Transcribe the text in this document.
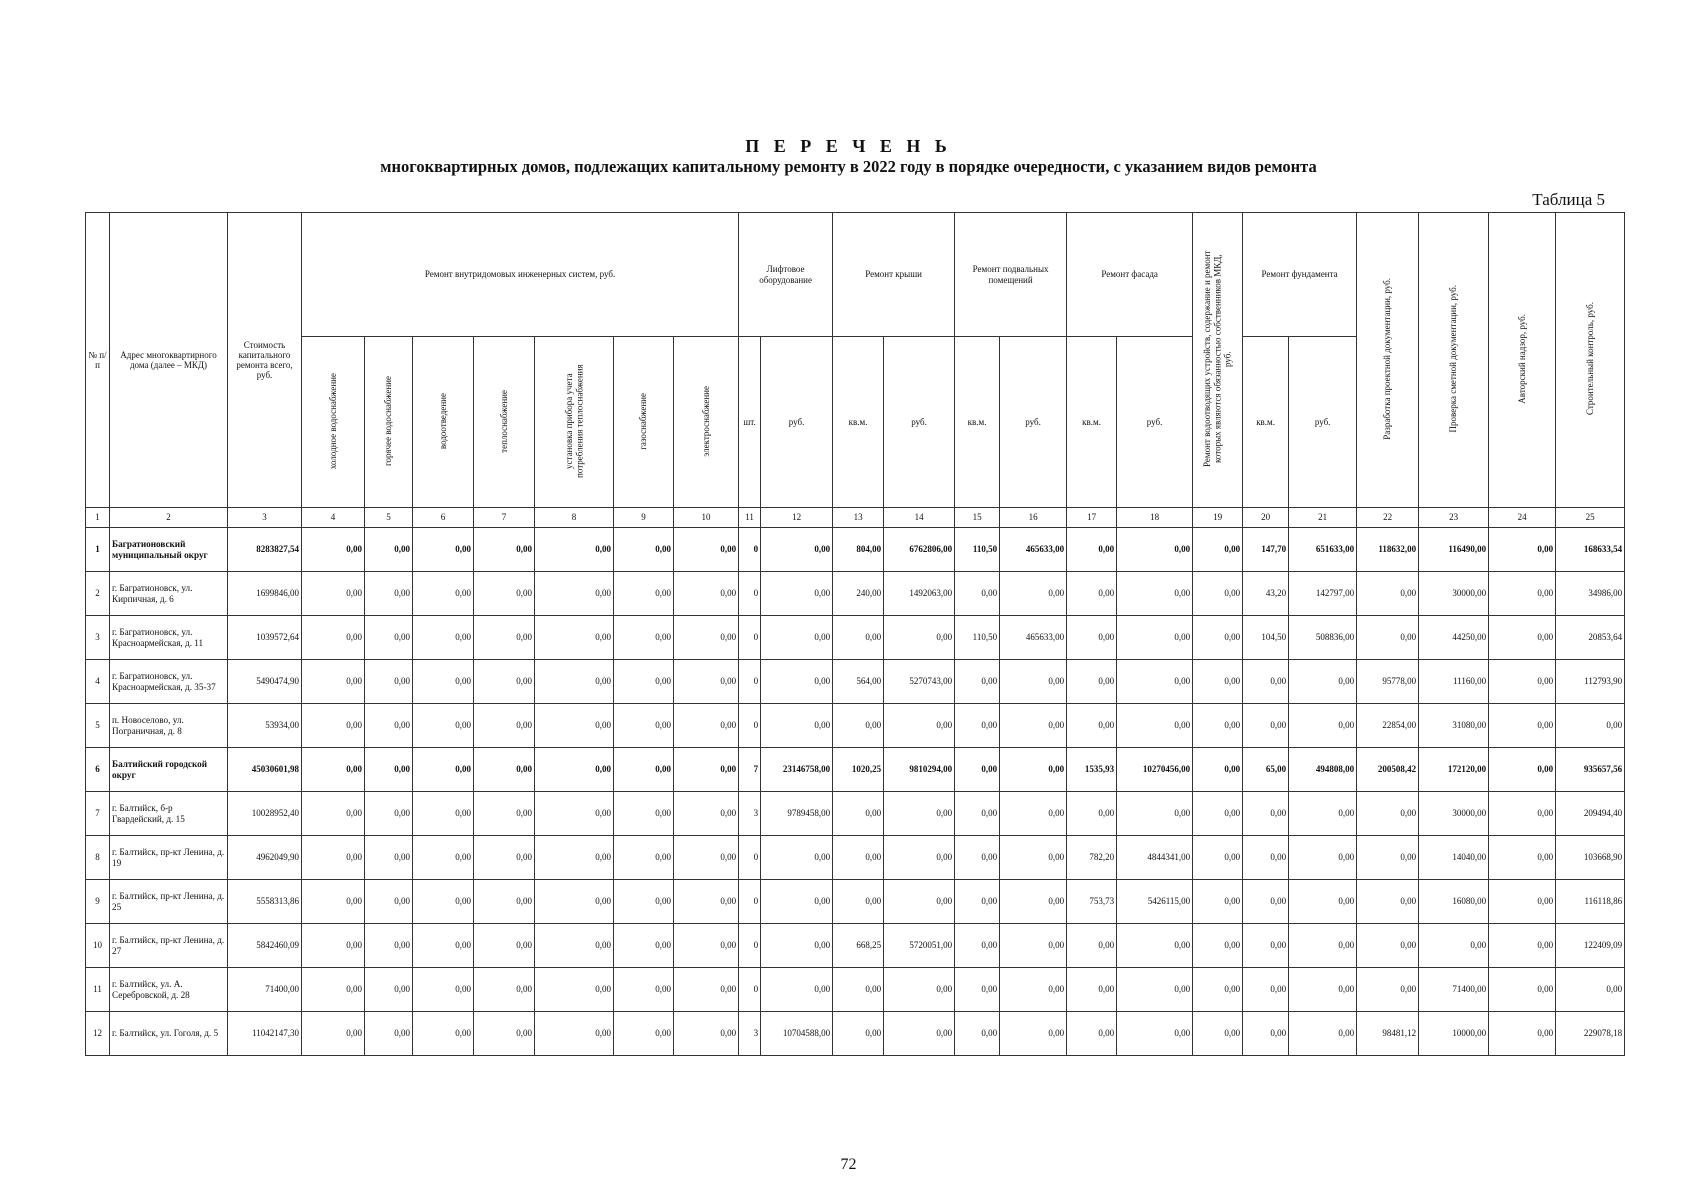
П Е Р Е Ч Е Н Ь
многоквартирных домов, подлежащих капитальному ремонту в 2022 году в порядке очередности, с указанием видов ремонта
Таблица 5
№ п/п	Адрес многоквартирного дома (далее – МКД)	Стоимость капитального ремонта всего, руб.	Ремонт внутридомовых инженерных систем, руб.							Лифтовое оборудование		Ремонт крыши		Ремонт подвальных помещений		Ремонт фасада		Ремонт водоотводящих устройств, содержание и ремонт которых являются обязанностью собственников МКД, руб.	Ремонт фундамента		Разработка проектной документации, руб.	Проверка сметной документации, руб.	Авторский надзор, руб.	Строительный контроль, руб.
			холодное водоснабжение	горячее водоснабжение	водоотведение	теплоснабжение	установка прибора учета потребления теплоснабжения	газоснабжение	электроснабжение	шт.	руб.	кв.м.	руб.	кв.м.	руб.	кв.м.	руб.		кв.м.	руб.				
1	2	3	4	5	6	7	8	9	10	11	12	13	14	15	16	17	18	19	20	21	22	23	24	25
1	Багратионовский муниципальный округ	8283827,54	0,00	0,00	0,00	0,00	0,00	0,00	0,00	0	0,00	804,00	6762806,00	110,50	465633,00	0,00	0,00	0,00	147,70	651633,00	118632,00	116490,00	0,00	168633,54
2	г. Багратионовск, ул. Кирпичная, д. 6	1699846,00	0,00	0,00	0,00	0,00	0,00	0,00	0,00	0	0,00	240,00	1492063,00	0,00	0,00	0,00	0,00	0,00	43,20	142797,00	0,00	30000,00	0,00	34986,00
3	г. Багратионовск, ул. Красноармейская, д. 11	1039572,64	0,00	0,00	0,00	0,00	0,00	0,00	0,00	0	0,00	0,00	0,00	110,50	465633,00	0,00	0,00	0,00	104,50	508836,00	0,00	44250,00	0,00	20853,64
4	г. Багратионовск, ул. Красноармейская, д. 35-37	5490474,90	0,00	0,00	0,00	0,00	0,00	0,00	0,00	0	0,00	564,00	5270743,00	0,00	0,00	0,00	0,00	0,00	0,00	0,00	95778,00	11160,00	0,00	112793,90
5	п. Новоселово, ул. Пограничная, д. 8	53934,00	0,00	0,00	0,00	0,00	0,00	0,00	0,00	0	0,00	0,00	0,00	0,00	0,00	0,00	0,00	0,00	0,00	0,00	22854,00	31080,00	0,00	0,00
6	Балтийский городской округ	45030601,98	0,00	0,00	0,00	0,00	0,00	0,00	0,00	7	23146758,00	1020,25	9810294,00	0,00	0,00	1535,93	10270456,00	0,00	65,00	494808,00	200508,42	172120,00	0,00	935657,56
7	г. Балтийск, б-р Гвардейский, д. 15	10028952,40	0,00	0,00	0,00	0,00	0,00	0,00	0,00	3	9789458,00	0,00	0,00	0,00	0,00	0,00	0,00	0,00	0,00	0,00	0,00	30000,00	0,00	209494,40
8	г. Балтийск, пр-кт Ленина, д. 19	4962049,90	0,00	0,00	0,00	0,00	0,00	0,00	0,00	0	0,00	0,00	0,00	0,00	0,00	782,20	4844341,00	0,00	0,00	0,00	0,00	14040,00	0,00	103668,90
9	г. Балтийск, пр-кт Ленина, д. 25	5558313,86	0,00	0,00	0,00	0,00	0,00	0,00	0,00	0	0,00	0,00	0,00	0,00	0,00	753,73	5426115,00	0,00	0,00	0,00	0,00	16080,00	0,00	116118,86
10	г. Балтийск, пр-кт Ленина, д. 27	5842460,09	0,00	0,00	0,00	0,00	0,00	0,00	0,00	0	0,00	668,25	5720051,00	0,00	0,00	0,00	0,00	0,00	0,00	0,00	0,00	0,00	0,00	122409,09
11	г. Балтийск, ул. А. Серебровской, д. 28	71400,00	0,00	0,00	0,00	0,00	0,00	0,00	0,00	0	0,00	0,00	0,00	0,00	0,00	0,00	0,00	0,00	0,00	0,00	0,00	71400,00	0,00	0,00
12	г. Балтийск, ул. Гоголя, д. 5	11042147,30	0,00	0,00	0,00	0,00	0,00	0,00	0,00	3	10704588,00	0,00	0,00	0,00	0,00	0,00	0,00	0,00	0,00	0,00	98481,12	10000,00	0,00	229078,18
72
